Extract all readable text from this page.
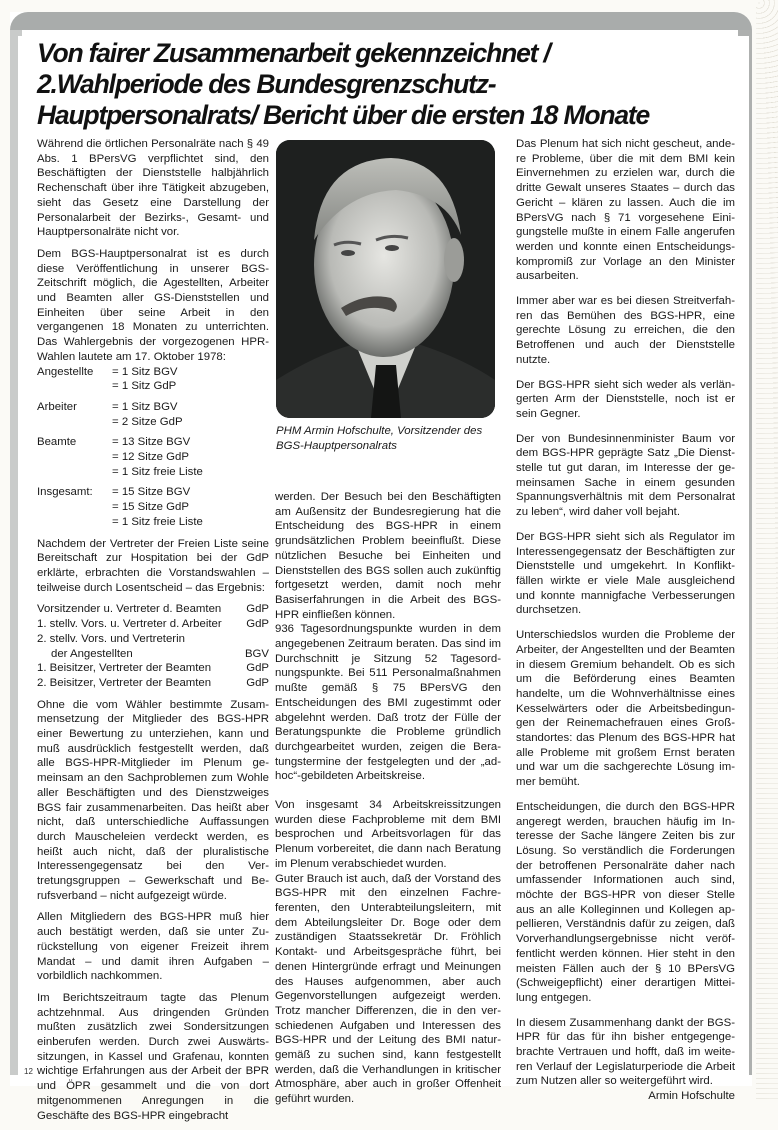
Von fairer Zusammenarbeit gekennzeichnet /
2.Wahlperiode des Bundesgrenzschutz-
Hauptpersonalrats/ Bericht über die ersten 18 Monate

Während die örtlichen Personalräte nach § 49 Abs. 1 BPersVG verpflichtet sind, den Beschäftigten der Dienststelle halbjährlich Rechenschaft über ihre Tätigkeit abzugeben, sieht das Gesetz eine Darstellung der Personalarbeit der Bezirks-, Gesamt- und Hauptpersonalräte nicht vor.

Dem BGS-Hauptpersonalrat ist es durch diese Veröffentlichung in unserer BGS-Zeitschrift möglich, die Agestellten, Arbeiter und Beamten aller GS-Dienststellen und Einheiten über seine Arbeit in den vergangenen 18 Monaten zu unterrichten. Das Wahlergebnis der vorgezogenen HPR-Wahlen lautete am 17. Oktober 1978:

Angestellte	= 1 Sitz BGV
	= 1 Sitz GdP
Arbeiter	= 1 Sitz BGV
	= 2 Sitze GdP
Beamte	= 13 Sitze BGV
	= 12 Sitze GdP
	= 1 Sitz freie Liste
Insgesamt:	= 15 Sitze BGV
	= 15 Sitze GdP
	= 1 Sitz freie Liste

Nachdem der Vertreter der Freien Liste seine Bereitschaft zur Hospitation bei der GdP erklärte, erbrachten die Vorstandswahlen – teilweise durch Losentscheid – das Ergebnis:

Vorsitzender u. Vertreter d. Beamten	GdP
1. stellv. Vors. u. Vertreter d. Arbeiter	GdP
2. stellv. Vors. und Vertreterin	
der Angestellten	BGV
1. Beisitzer, Vertreter der Beamten	GdP
2. Beisitzer, Vertreter der Beamten	GdP

Ohne die vom Wähler bestimmte Zusammensetzung der Mitglieder des BGS-HPR einer Bewertung zu unterziehen, kann und muß ausdrücklich festgestellt werden, daß alle BGS-HPR-Mitglieder im Plenum gemeinsam an den Sachproblemen zum Wohle aller Beschäftigten und des Dienstzweiges BGS fair zusammenarbeiten. Das heißt aber nicht, daß unterschiedliche Auffassungen durch Mauscheleien verdeckt werden, es heißt auch nicht, daß der pluralistische Interessengegensatz bei den Vertretungsgruppen – Gewerkschaft und Berufsverband – nicht aufgezeigt würde.

Allen Mitgliedern des BGS-HPR muß hier auch bestätigt werden, daß sie unter Zurückstellung von eigener Freizeit ihrem Mandat – und damit ihren Aufgaben – vorbildlich nachkommen.

Im Berichtszeitraum tagte das Plenum achtzehnmal. Aus dringenden Gründen mußten zusätzlich zwei Sondersitzungen einberufen werden. Durch zwei Auswärtssitzungen, in Kassel und Grafenau, konnten wichtige Erfahrungen aus der Arbeit der BPR und ÖPR gesammelt und die von dort mitgenommenen Anregungen in die Geschäfte des BGS-HPR eingebracht

PHM Armin Hofschulte, Vorsitzender des BGS-Hauptpersonalrats

werden. Der Besuch bei den Beschäftigten am Außensitz der Bundesregierung hat die Entscheidung des BGS-HPR in einem grundsätzlichen Problem beeinflußt. Diese nützlichen Besuche bei Einheiten und Dienststellen des BGS sollen auch zukünftig fortgesetzt werden, damit noch mehr Basiserfahrungen in die Arbeit des BGS-HPR einfließen können.

936 Tagesordnungspunkte wurden in dem angegebenen Zeitraum beraten. Das sind im Durchschnitt je Sitzung 52 Tagesordnungspunkte. Bei 511 Personalmaßnahmen mußte gemäß § 75 BPersVG den Entscheidungen des BMI zugestimmt oder abgelehnt werden. Daß trotz der Fülle der Beratungspunkte die Probleme gründlich durchgearbeitet wurden, zeigen die Beratungstermine der festgelegten und der „adhoc“-gebildeten Arbeitskreise.

Von insgesamt 34 Arbeitskreissitzungen wurden diese Fachprobleme mit dem BMI besprochen und Arbeitsvorlagen für das Plenum vorbereitet, die dann nach Beratung im Plenum verabschiedet wurden.

Guter Brauch ist auch, daß der Vorstand des BGS-HPR mit den einzelnen Fachreferenten, den Unterabteilungsleitern, mit dem Abteilungsleiter Dr. Boge oder dem zuständigen Staatssekretär Dr. Fröhlich Kontakt- und Arbeitsgespräche führt, bei denen Hintergründe erfragt und Meinungen des Hauses aufgenommen, aber auch Gegenvorstellungen aufgezeigt werden. Trotz mancher Differenzen, die in den verschiedenen Aufgaben und Interessen des BGS-HPR und der Leitung des BMI naturgemäß zu suchen sind, kann festgestellt werden, daß die Verhandlungen in kritischer Atmosphäre, aber auch in großer Offenheit geführt wurden.

Das Plenum hat sich nicht gescheut, andere Probleme, über die mit dem BMI kein Einvernehmen zu erzielen war, durch die dritte Gewalt unseres Staates – durch das Gericht – klären zu lassen. Auch die im BPersVG nach § 71 vorgesehene Einigungstelle mußte in einem Falle angerufen werden und konnte einen Entscheidungskompromiß zur Vorlage an den Minister ausarbeiten.

Immer aber war es bei diesen Streitverfahren das Bemühen des BGS-HPR, eine gerechte Lösung zu erreichen, die den Betroffenen und auch der Dienststelle nutzte.

Der BGS-HPR sieht sich weder als verlängerten Arm der Dienststelle, noch ist er sein Gegner.

Der von Bundesinnenminister Baum vor dem BGS-HPR geprägte Satz „Die Dienststelle tut gut daran, im Interesse der gemeinsamen Sache in einem gesunden Spannungsverhältnis mit dem Personalrat zu leben“, wird daher voll bejaht.

Der BGS-HPR sieht sich als Regulator im Interessengegensatz der Beschäftigten zur Dienststelle und umgekehrt. In Konfliktfällen wirkte er viele Male ausgleichend und konnte mannigfache Verbesserungen durchsetzen.

Unterschiedslos wurden die Probleme der Arbeiter, der Angestellten und der Beamten in diesem Gremium behandelt. Ob es sich um die Beförderung eines Beamten handelte, um die Wohnverhältnisse eines Kesselwärters oder die Arbeitsbedingungen der Reinemachefrauen eines Großstandortes: das Plenum des BGS-HPR hat alle Probleme mit großem Ernst beraten und war um die sachgerechte Lösung immer bemüht.

Entscheidungen, die durch den BGS-HPR angeregt werden, brauchen häufig im Interesse der Sache längere Zeiten bis zur Lösung. So verständlich die Forderungen der betroffenen Personalräte daher nach umfassender Informationen auch sind, möchte der BGS-HPR von dieser Stelle aus an alle Kolleginnen und Kollegen appellieren, Verständnis dafür zu zeigen, daß Vorverhandlungsergebnisse nicht veröffentlicht werden können. Hier steht in den meisten Fällen auch der § 10 BPersVG (Schweigepflicht) einer derartigen Mitteilung entgegen.

In diesem Zusammenhang dankt der BGS-HPR für das für ihn bisher entgegengebrachte Vertrauen und hofft, daß im weiteren Verlauf der Legislaturperiode die Arbeit zum Nutzen aller so weitergeführt wird.

Armin Hofschulte

12
